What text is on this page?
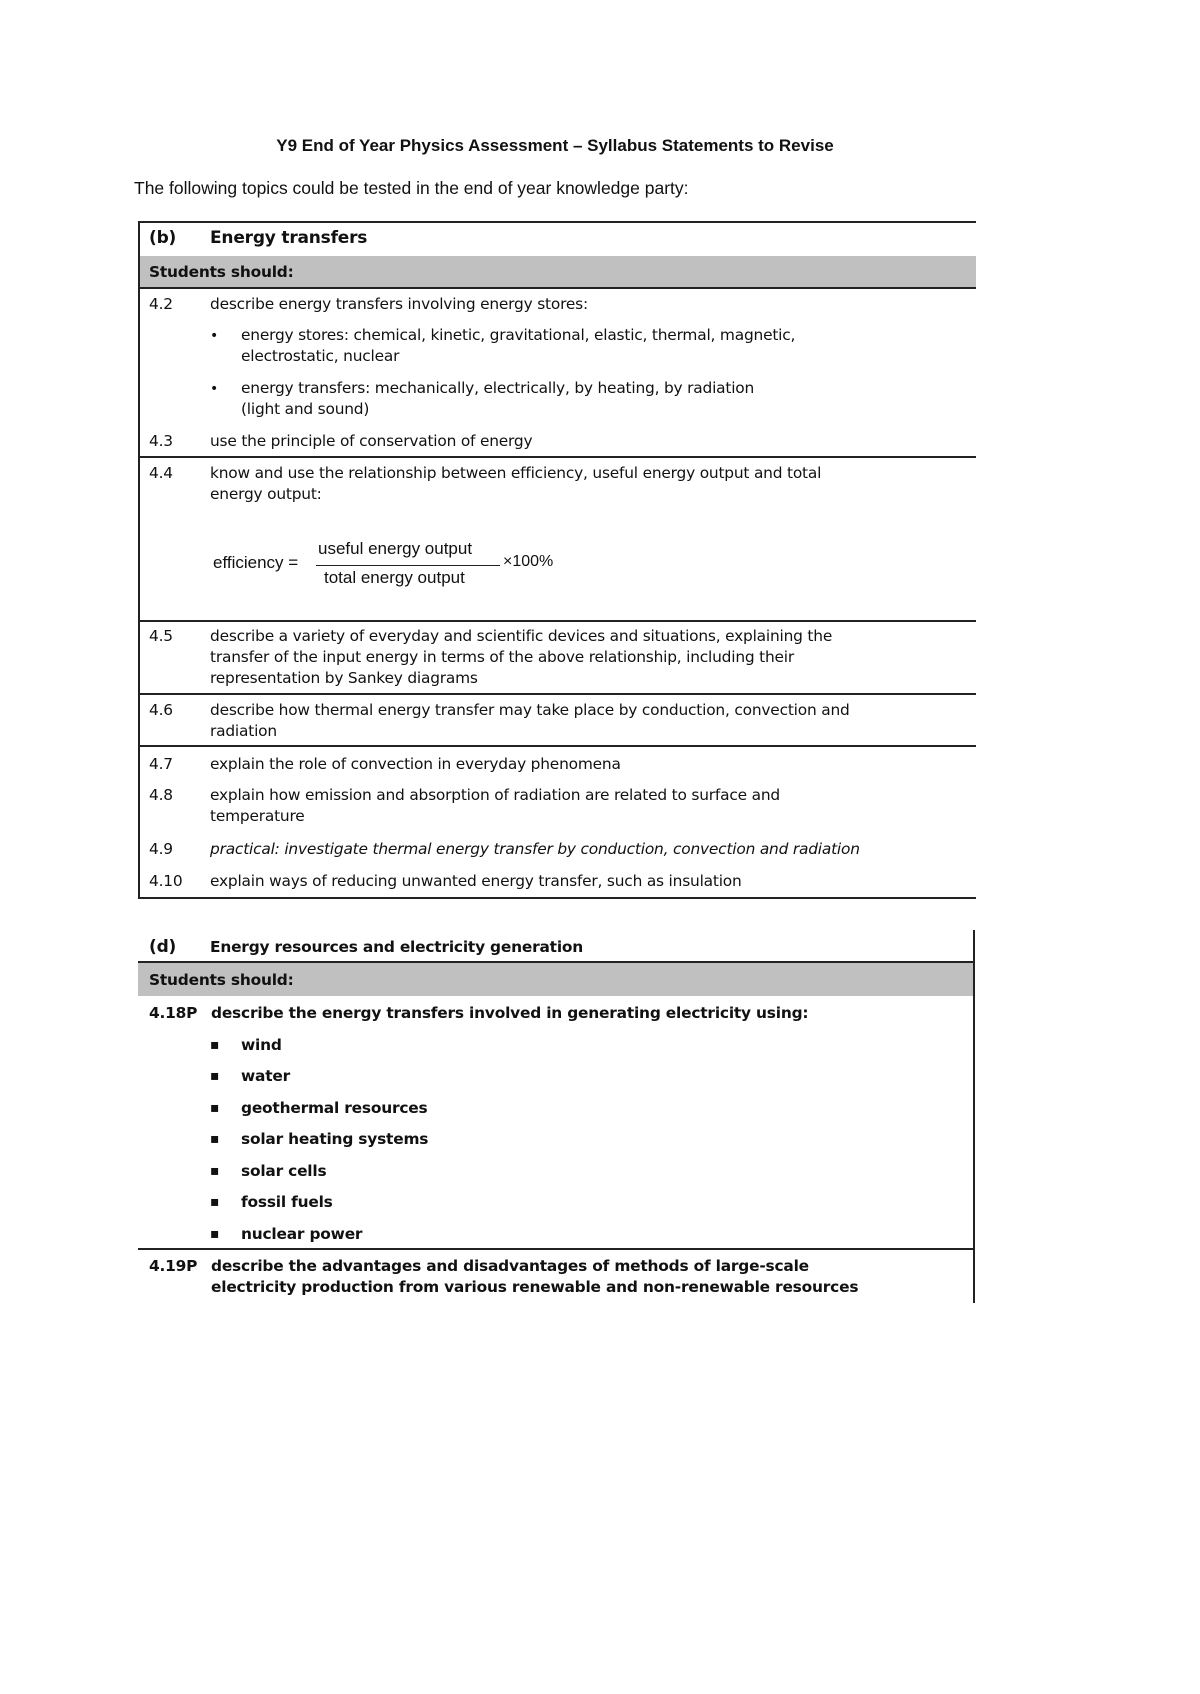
Y9 End of Year Physics Assessment – Syllabus Statements to Revise
The following topics could be tested in the end of year knowledge party:
(b) Energy transfers
Students should:
4.2 describe energy transfers involving energy stores:
• energy stores: chemical, kinetic, gravitational, elastic, thermal, magnetic,
electrostatic, nuclear
• energy transfers: mechanically, electrically, by heating, by radiation
(light and sound)
4.3 use the principle of conservation of energy
4.4 know and use the relationship between efficiency, useful energy output and total
energy output:
efficiency =
useful energy output
total energy output
×100%
4.5 describe a variety of everyday and scientific devices and situations, explaining the
transfer of the input energy in terms of the above relationship, including their
representation by Sankey diagrams
4.6 describe how thermal energy transfer may take place by conduction, convection and
radiation
4.7 explain the role of convection in everyday phenomena
4.8 explain how emission and absorption of radiation are related to surface and
temperature
4.9 practical: investigate thermal energy transfer by conduction, convection and radiation
4.10 explain ways of reducing unwanted energy transfer, such as insulation
(d) Energy resources and electricity generation
Students should:
4.18P describe the energy transfers involved in generating electricity using:
▪ wind
▪ water
▪ geothermal resources
▪ solar heating systems
▪ solar cells
▪ fossil fuels
▪ nuclear power
4.19P describe the advantages and disadvantages of methods of large-scale
electricity production from various renewable and non-renewable resources
